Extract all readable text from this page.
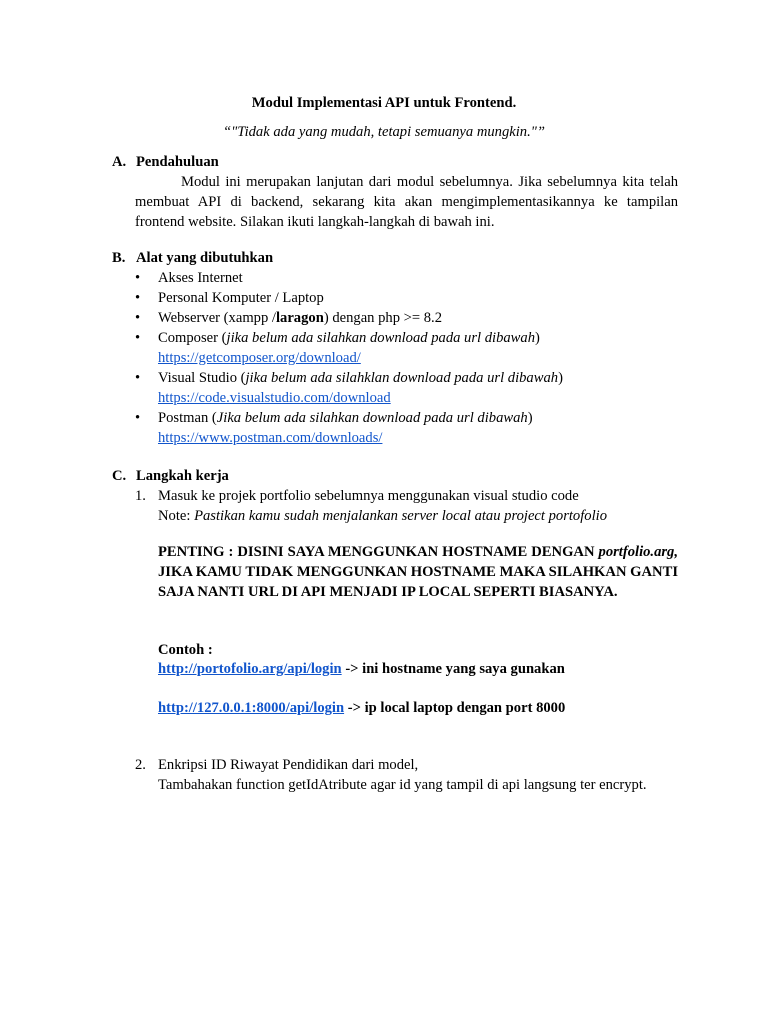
Modul Implementasi API untuk Frontend.
“"Tidak ada yang mudah, tetapi semuanya mungkin."”
A. Pendahuluan
Modul ini merupakan lanjutan dari modul sebelumnya. Jika sebelumnya kita telah membuat API di backend, sekarang kita akan mengimplementasikannya ke tampilan frontend website. Silakan ikuti langkah-langkah di bawah ini.
B. Alat yang dibutuhkan
• Akses Internet
• Personal Komputer / Laptop
• Webserver (xampp /laragon) dengan php >= 8.2
• Composer (jika belum ada silahkan download pada url dibawah)
https://getcomposer.org/download/
• Visual Studio (jika belum ada silahklan download pada url dibawah)
https://code.visualstudio.com/download
• Postman (Jika belum ada silahkan download pada url dibawah)
https://www.postman.com/downloads/
C. Langkah kerja
1. Masuk ke projek portfolio sebelumnya menggunakan visual studio code
Note: Pastikan kamu sudah menjalankan server local atau project portofolio
PENTING : DISINI SAYA MENGGUNKAN HOSTNAME DENGAN portfolio.arg, JIKA KAMU TIDAK MENGGUNKAN HOSTNAME MAKA SILAHKAN GANTI SAJA NANTI URL DI API MENJADI IP LOCAL SEPERTI BIASANYA.
Contoh :
http://portofolio.arg/api/login -> ini hostname yang saya gunakan
http://127.0.0.1:8000/api/login -> ip local laptop dengan port 8000
2. Enkripsi ID Riwayat Pendidikan dari model,
Tambahakan function getIdAtribute agar id yang tampil di api langsung ter encrypt.
